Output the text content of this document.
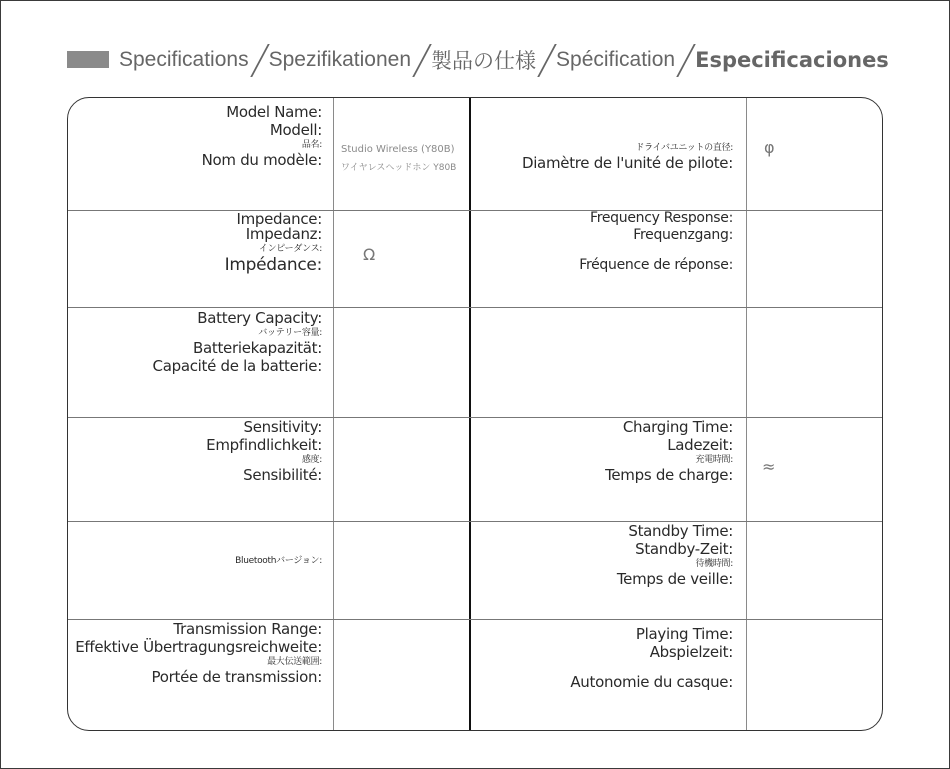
Specifications Spezifikationen 製品の仕様 Spécification Especificaciones
Model Name:
Modell:
品名:
Nom du modèle:
Studio Wireless (Y80B)
ワイヤレスヘッドホン Y80B
ドライバユニットの直径:
Diamètre de l'unité de pilote:
φ
Impedance:
Impedanz:
インピーダンス:
Impédance:
Ω
Frequency Response:
Frequenzgang:
Fréquence de réponse:
Battery Capacity:
バッテリー容量:
Batteriekapazität:
Capacité de la batterie:
Sensitivity:
Empfindlichkeit:
感度:
Sensibilité:
Charging Time:
Ladezeit:
充電時間:
Temps de charge: ≈
Bluetoothバージョン:
Standby Time:
Standby-Zeit:
待機時間:
Temps de veille:
Transmission Range:
Effektive Übertragungsreichweite:
最大伝送範囲:
Portée de transmission:
Playing Time:
Abspielzeit:
Autonomie du casque:
